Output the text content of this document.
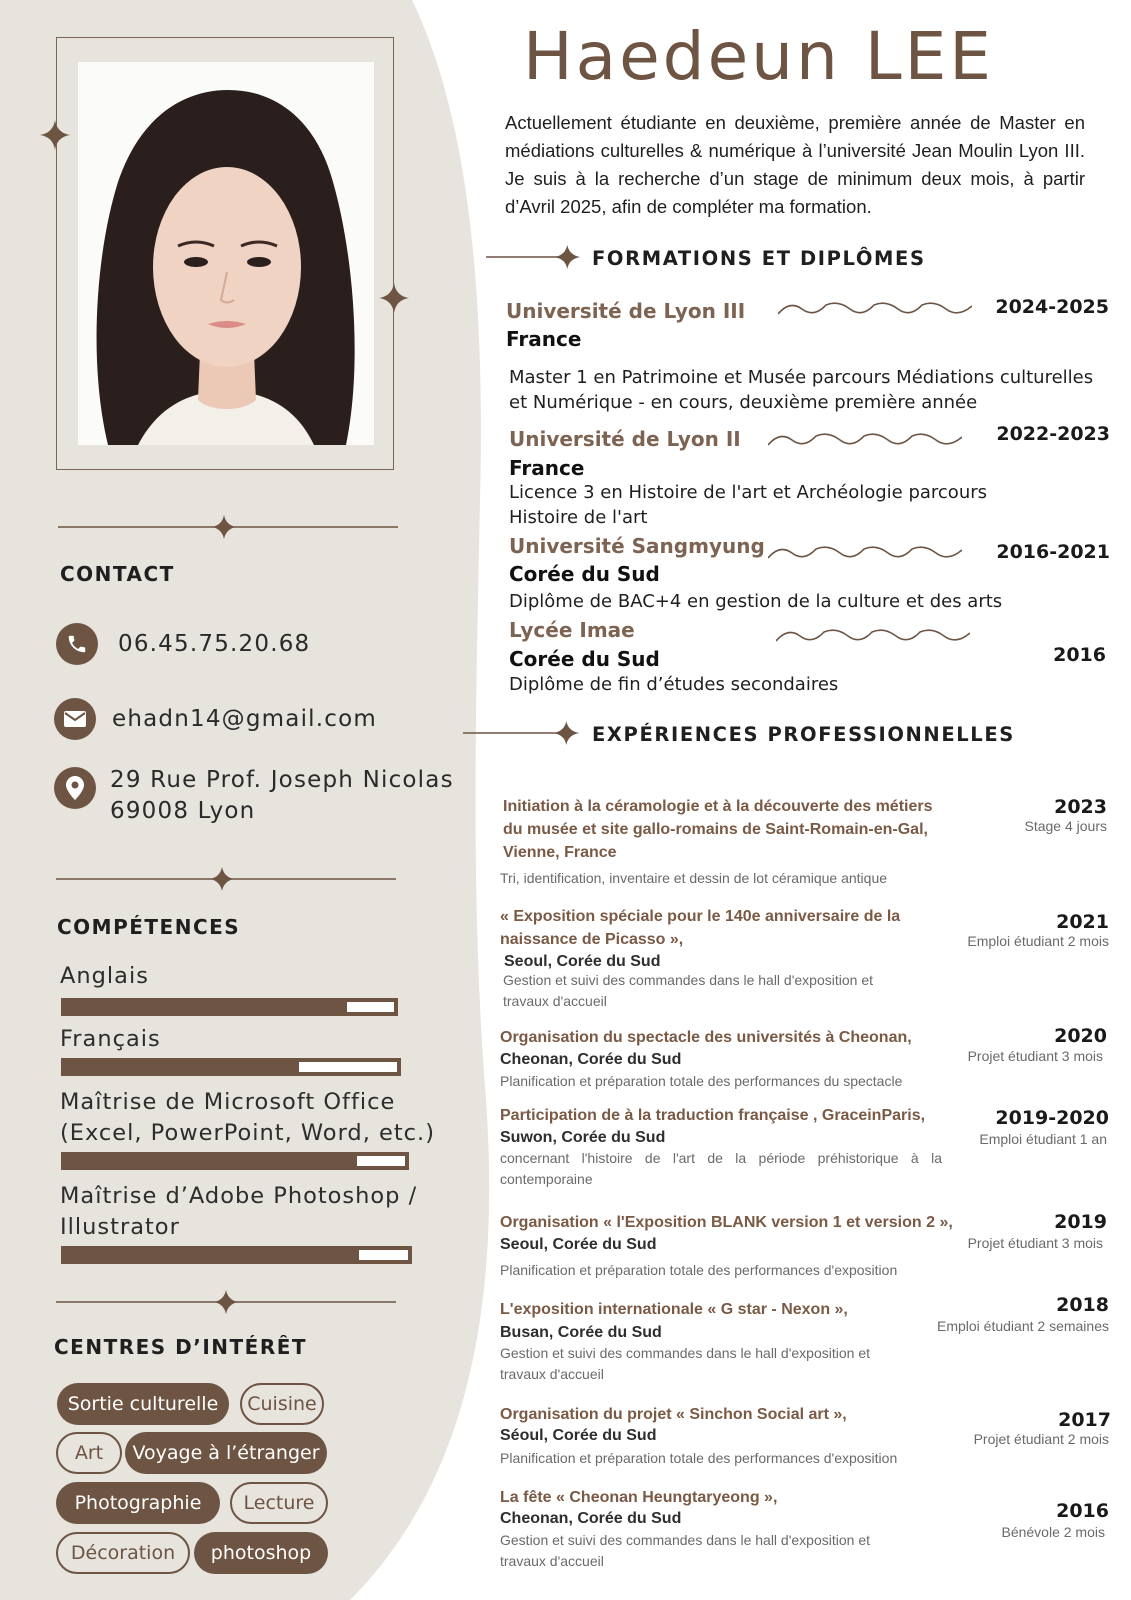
CONTACT
06.45.75.20.68
ehadn14@gmail.com
29 Rue Prof. Joseph Nicolas
69008 Lyon
COMPÉTENCES
Anglais
Français
Maîtrise de Microsoft Office (Excel, PowerPoint, Word, etc.)
Maîtrise d’Adobe Photoshop / Illustrator
CENTRES D’INTÉRÊT
Sortie culturelle	Cuisine
Art	Voyage à l’étranger
Photographie	Lecture
Décoration	photoshop
Haedeun LEE
Actuellement étudiante en deuxième, première année de Master en médiations culturelles & numérique à l’université Jean Moulin Lyon III. Je suis à la recherche d’un stage de minimum deux mois, à partir d’Avril 2025, afin de compléter ma formation.
FORMATIONS ET DIPLÔMES
Université de Lyon III
France
2024-2025
Master 1 en Patrimoine et Musée parcours Médiations culturelles et Numérique - en cours, deuxième première année
Université de Lyon II
France
2022-2023
Licence 3 en Histoire de l'art et Archéologie parcours Histoire de l'art
Université Sangmyung
Corée du Sud
2016-2021
Diplôme de BAC+4 en gestion de la culture et des arts
Lycée Imae
Corée du Sud	2016
Diplôme de fin d’études secondaires
EXPÉRIENCES PROFESSIONNELLES
Initiation à la céramologie et à la découverte des métiers du musée et site gallo-romains de Saint-Romain-en-Gal, Vienne, France
Tri, identification, inventaire et dessin de lot céramique antique
2023
Stage 4 jours
« Exposition spéciale pour le 140e anniversaire de la naissance de Picasso »,
Seoul, Corée du Sud
Gestion et suivi des commandes dans le hall d'exposition et travaux d'accueil
2021
Emploi étudiant 2 mois
Organisation du spectacle des universités à Cheonan,
Cheonan, Corée du Sud
Planification et préparation totale des performances du spectacle
2020
Projet étudiant 3 mois
Participation de à la traduction française , GraceinParis,
Suwon, Corée du Sud
concernant l'histoire de l'art de la période préhistorique à la contemporaine
2019-2020
Emploi étudiant 1 an
Organisation « l'Exposition BLANK version 1 et version 2 »,
Seoul, Corée du Sud
Planification et préparation totale des performances d'exposition
2019
Projet étudiant 3 mois
L'exposition internationale « G star - Nexon »,
Busan, Corée du Sud
Gestion et suivi des commandes dans le hall d'exposition et travaux d'accueil
2018
Emploi étudiant 2 semaines
Organisation du projet « Sinchon Social art »,
Séoul, Corée du Sud
Planification et préparation totale des performances d'exposition
2017
Projet étudiant 2 mois
La fête « Cheonan Heungtaryeong »,
Cheonan, Corée du Sud
Gestion et suivi des commandes dans le hall d'exposition et travaux d'accueil
2016
Bénévole 2 mois
